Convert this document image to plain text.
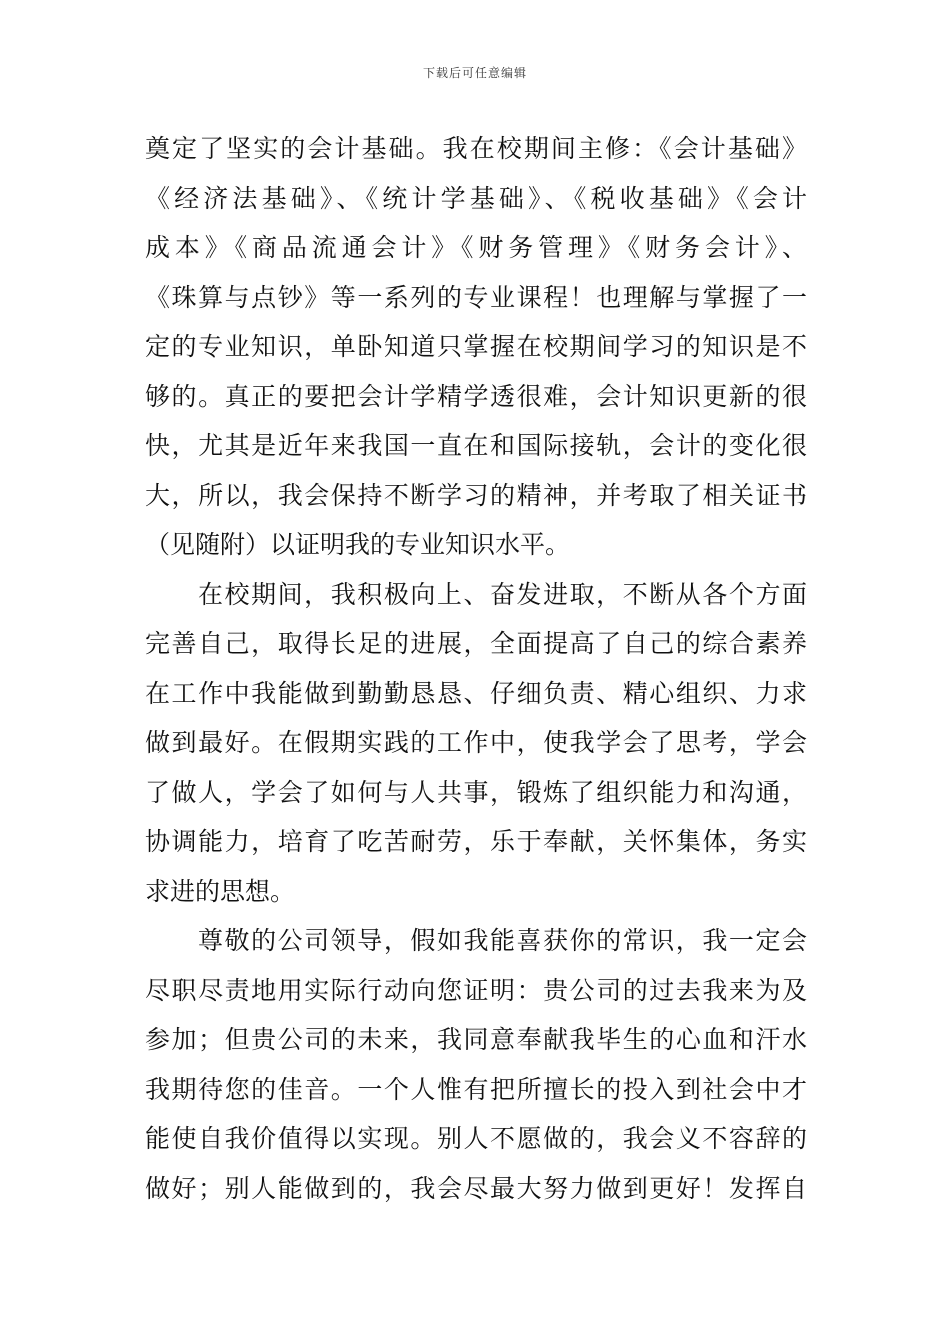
下载后可任意编辑
奠定了坚实的会计基础。我在校期间主修：《会计基础》
《经济法基础》、《统计学基础》、《税收基础》《会计
成本》《商品流通会计》《财务管理》《财务会计》、
《珠算与点钞》等一系列的专业课程！也理解与掌握了一
定的专业知识，单卧知道只掌握在校期间学习的知识是不
够的。真正的要把会计学精学透很难，会计知识更新的很
快，尤其是近年来我国一直在和国际接轨，会计的变化很
大，所以，我会保持不断学习的精神，并考取了相关证书
（见随附）以证明我的专业知识水平。
在校期间，我积极向上、奋发进取，不断从各个方面
完善自己，取得长足的进展，全面提高了自己的综合素养
在工作中我能做到勤勤恳恳、仔细负责、精心组织、力求
做到最好。在假期实践的工作中，使我学会了思考，学会
了做人，学会了如何与人共事，锻炼了组织能力和沟通，
协调能力，培育了吃苦耐劳，乐于奉献，关怀集体，务实
求进的思想。
尊敬的公司领导，假如我能喜获你的常识，我一定会
尽职尽责地用实际行动向您证明：贵公司的过去我来为及
参加；但贵公司的未来，我同意奉献我毕生的心血和汗水
我期待您的佳音。一个人惟有把所擅长的投入到社会中才
能使自我价值得以实现。别人不愿做的，我会义不容辞的
做好；别人能做到的，我会尽最大努力做到更好！发挥自
